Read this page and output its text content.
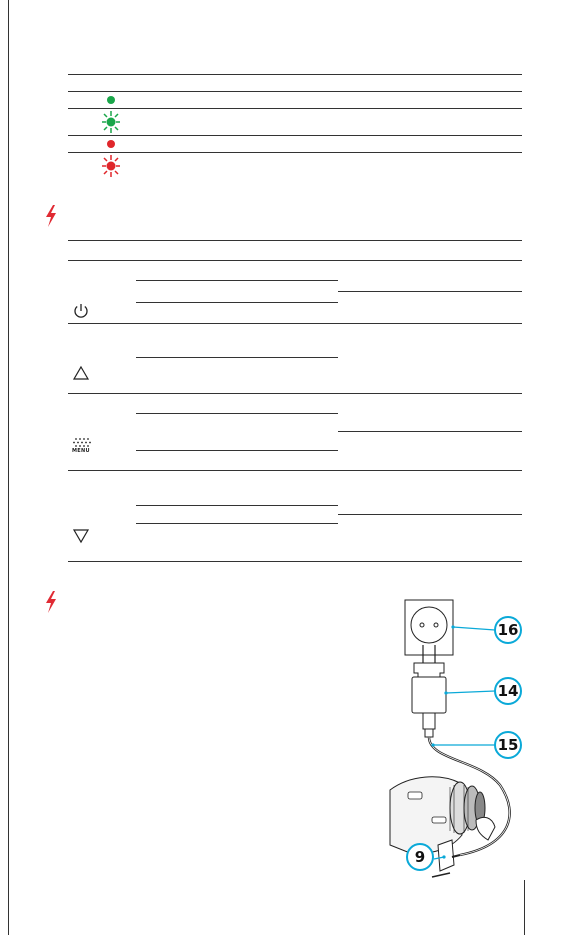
MENU
16
14
15
9
